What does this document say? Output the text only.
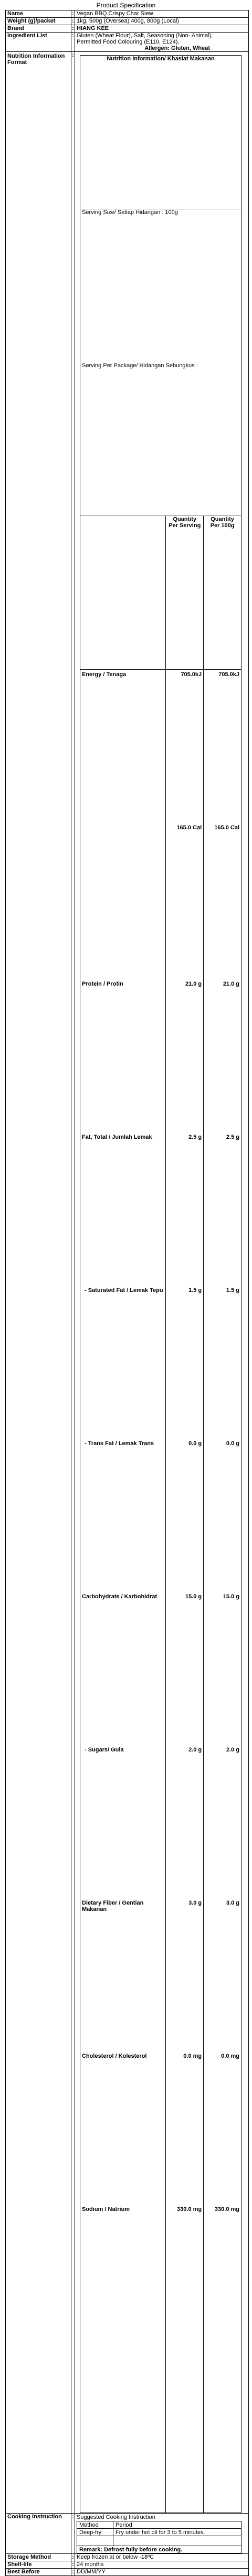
Product Specification
Name	:	Vegan BBQ Crispy Char Siew
Weight (g)/packet	:	1kg, 500g (Oversea) 400g, 800g (Local)
Brand	:	HIANG KEE
Ingredient List	:	Gluten (Wheat Flour), Salt, Seasoning (Non- Animal),
Permitted Food Colouring (E110, E124),
Allergen: Gluten, Wheat

Nutrition Information Format	:	
Nutrition Information/ Khasiat Makanan
Serving Size/ Setiap Hidangan : 100g
Serving Per Package/ Hidangan Sebungkus :
	Quantity Per Serving	Quantity Per 100g
Energy / Tenaga	705.0kJ	705.0kJ
	165.0 Cal	165.0 Cal
Protein / Protin	21.0 g	21.0 g
Fat, Total / Jumlah Lemak	2.5 g	2.5 g
- Saturated Fat / Lemak Tepu	1.5 g	1.5 g
- Trans Fat / Lemak Trans	0.0 g	0.0 g
Carbohydrate / Karbohidrat	15.0 g	15.0 g
- Sugars/ Gula	2.0 g	2.0 g
Dietary Fiber / Gentian Makanan	3.0 g	3.0 g
Cholesterol / Kolesterol	0.0 mg	0.0 mg
Sodium / Natrium	330.0 mg	330.0 mg

Cooking Instruction	:	Suggested Cooking Instruction
Method	Period
Deep-fry	Fry under hot oil for 3 to 5 minutes.

Remark: Defrost fully before cooking.

Storage Method	:	Keep frozen at or below -18ºC
Shelf-life	:	24 months
Best Before	:	DD/MM/YY
